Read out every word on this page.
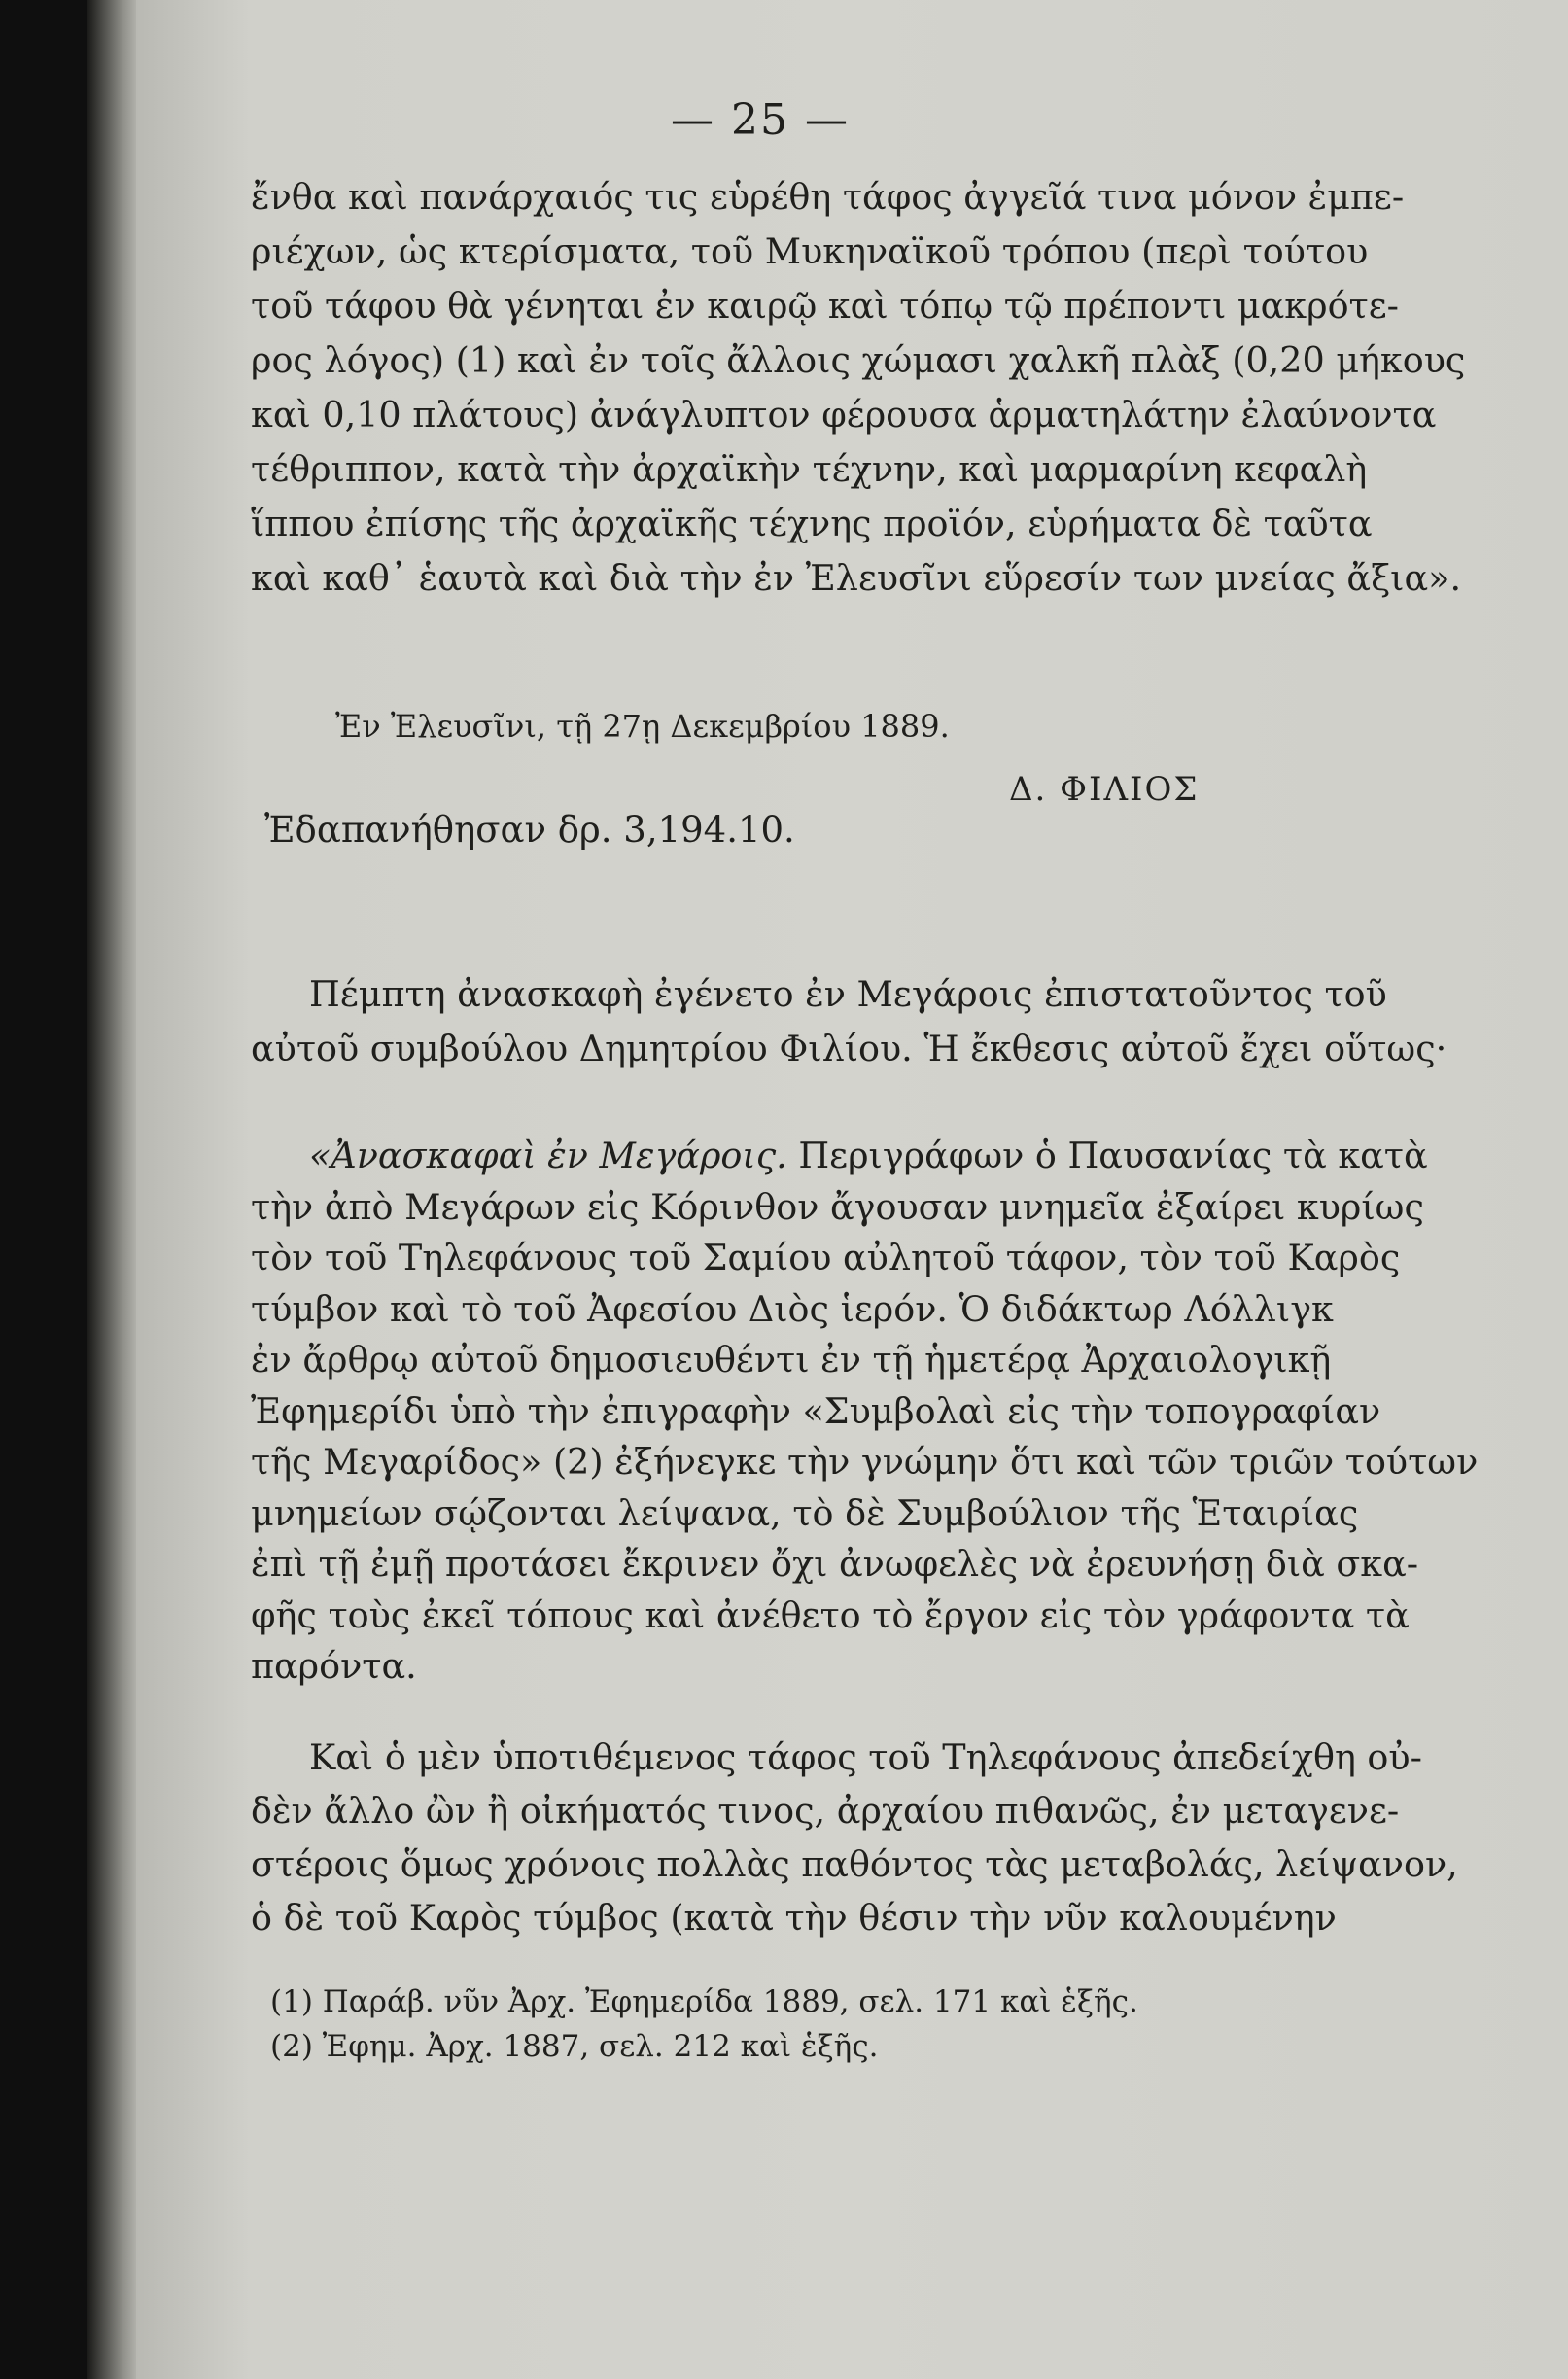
— 25 —
ἔνθα καὶ πανάρχαιός τις εὑρέθη τάφος ἀγγεῖά τινα μόνον ἐμπε-
ριέχων, ὡς κτερίσματα, τοῦ Μυκηναϊκοῦ τρόπου (περὶ τούτου
τοῦ τάφου θὰ γένηται ἐν καιρῷ καὶ τόπῳ τῷ πρέποντι μακρότε-
ρος λόγος) (1) καὶ ἐν τοῖς ἄλλοις χώμασι χαλκῆ πλὰξ (0,20 μήκους
καὶ 0,10 πλάτους) ἀνάγλυπτον φέρουσα ἁρματηλάτην ἐλαύνοντα
τέθριππον, κατὰ τὴν ἀρχαϊκὴν τέχνην, καὶ μαρμαρίνη κεφαλὴ
ἵππου ἐπίσης τῆς ἀρχαϊκῆς τέχνης προϊόν, εὑρήματα δὲ ταῦτα
καὶ καθ᾽ ἑαυτὰ καὶ διὰ τὴν ἐν Ἐλευσῖνι εὕρεσίν των μνείας ἄξια».
Ἐν Ἐλευσῖνι, τῇ 27ῃ Δεκεμβρίου 1889.
Δ. ΦΙΛΙΟΣ
Ἐδαπανήθησαν δρ. 3,194.10.
Πέμπτη ἀνασκαφὴ ἐγένετο ἐν Μεγάροις ἐπιστατοῦντος τοῦ
αὐτοῦ συμβούλου Δημητρίου Φιλίου. Ἡ ἔκθεσις αὐτοῦ ἔχει οὕτως·
«Ἀνασκαφαὶ ἐν Μεγάροις. Περιγράφων ὁ Παυσανίας τὰ κατὰ
τὴν ἀπὸ Μεγάρων εἰς Κόρινθον ἄγουσαν μνημεῖα ἐξαίρει κυρίως
τὸν τοῦ Τηλεφάνους τοῦ Σαμίου αὐλητοῦ τάφον, τὸν τοῦ Καρὸς
τύμβον καὶ τὸ τοῦ Ἀφεσίου Διὸς ἱερόν. Ὁ διδάκτωρ Λόλλιγκ
ἐν ἄρθρῳ αὐτοῦ δημοσιευθέντι ἐν τῇ ἡμετέρᾳ Ἀρχαιολογικῇ
Ἐφημερίδι ὑπὸ τὴν ἐπιγραφὴν «Συμβολαὶ εἰς τὴν τοπογραφίαν
τῆς Μεγαρίδος» (2) ἐξήνεγκε τὴν γνώμην ὅτι καὶ τῶν τριῶν τούτων
μνημείων σῴζονται λείψανα, τὸ δὲ Συμβούλιον τῆς Ἑταιρίας
ἐπὶ τῇ ἐμῇ προτάσει ἔκρινεν ὄχι ἀνωφελὲς νὰ ἐρευνήσῃ διὰ σκα-
φῆς τοὺς ἐκεῖ τόπους καὶ ἀνέθετο τὸ ἔργον εἰς τὸν γράφοντα τὰ
παρόντα.
Καὶ ὁ μὲν ὑποτιθέμενος τάφος τοῦ Τηλεφάνους ἀπεδείχθη οὐ-
δὲν ἄλλο ὢν ἢ οἰκήματός τινος, ἀρχαίου πιθανῶς, ἐν μεταγενε-
στέροις ὅμως χρόνοις πολλὰς παθόντος τὰς μεταβολάς, λείψανον,
ὁ δὲ τοῦ Καρὸς τύμβος (κατὰ τὴν θέσιν τὴν νῦν καλουμένην
(1) Παράβ. νῦν Ἀρχ. Ἐφημερίδα 1889, σελ. 171 καὶ ἑξῆς.
(2) Ἐφημ. Ἀρχ. 1887, σελ. 212 καὶ ἑξῆς.
